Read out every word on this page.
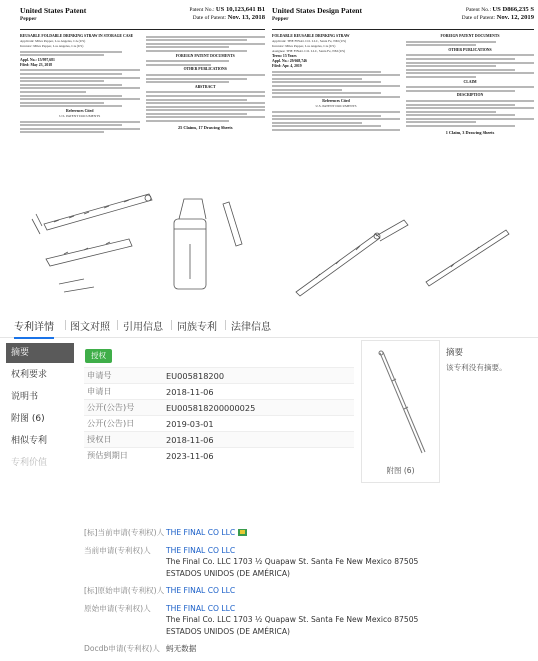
United States Patent
Pepper
Patent No.: US 10,123,641 B1
Date of Patent: Nov. 13, 2018
REUSABLE FOLDABLE DRINKING STRAW IN STORAGE CASE
Applicant: Miles Pepper, Los Angeles, CA (US)
Inventor: Miles Pepper, Los Angeles, CA (US)
Appl. No.: 15/997,681
Filed: May 23, 2018
References Cited
U.S. PATENT DOCUMENTS
FOREIGN PATENT DOCUMENTS
OTHER PUBLICATIONS
ABSTRACT
25 Claims, 17 Drawing Sheets
United States Design Patent
Pepper
Patent No.: US D866,235 S
Date of Patent: Nov. 12, 2019
FOLDABLE REUSABLE DRINKING STRAW
Applicant: THE FINAL CO. LLC, Santa Fe, NM (US)
Inventor: Miles Pepper, Los Angeles, CA (US)
Assignee: THE FINAL CO. LLC, Santa Fe, NM (US)
Term: 15 Years
Appl. No.: 29/668,746
Filed: Apr. 4, 2019
References Cited
U.S. PATENT DOCUMENTS
FOREIGN PATENT DOCUMENTS
OTHER PUBLICATIONS
CLAIM
DESCRIPTION
1 Claim, 3 Drawing Sheets
专利详情 图文对照 引用信息 同族专利 法律信息
摘要
权利要求
说明书
附图 (6)
相似专利
专利价值
授权
申请号	EU005818200
申请日	2018-11-06
公开(公告)号	EU005818200000025
公开(公告)日	2019-03-01
授权日	2018-11-06
预估到期日	2023-11-06
附图 (6)
摘要
该专利没有摘要。
[标]当前申请(专利权)人 THE FINAL CO LLC
当前申请(专利权)人	THE FINAL CO LLC
The Final Co. LLC 1703 ½ Quapaw St. Santa Fe New Mexico 87505 ESTADOS UNIDOS (DE AMÉRICA)
[标]原始申请(专利权)人 THE FINAL CO LLC
原始申请(专利权)人	THE FINAL CO LLC
The Final Co. LLC 1703 ½ Quapaw St. Santa Fe New Mexico 87505 ESTADOS UNIDOS (DE AMÉRICA)
Docdb申请(专利权)人 蚂无数据
